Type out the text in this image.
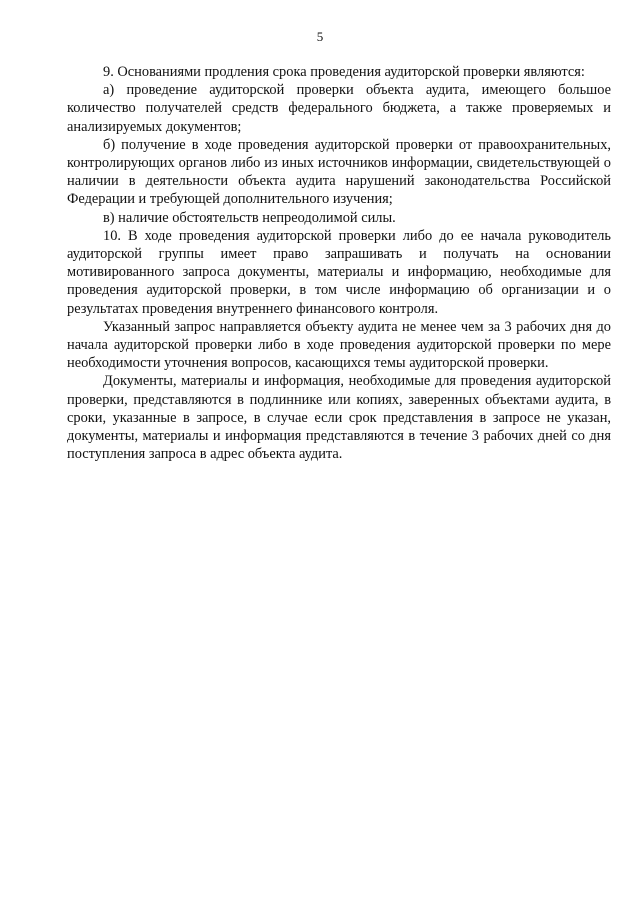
5

9. Основаниями продления срока проведения аудиторской проверки являются:

а) проведение аудиторской проверки объекта аудита, имеющего большое количество получателей средств федерального бюджета, а также проверяемых и анализируемых документов;

б) получение в ходе проведения аудиторской проверки от правоохранительных, контролирующих органов либо из иных источников информации, свидетельствующей о наличии в деятельности объекта аудита нарушений законодательства Российской Федерации и требующей дополнительного изучения;

в) наличие обстоятельств непреодолимой силы.

10. В ходе проведения аудиторской проверки либо до ее начала руководитель аудиторской группы имеет право запрашивать и получать на основании мотивированного запроса документы, материалы и информацию, необходимые для проведения аудиторской проверки, в том числе информацию об организации и о результатах проведения внутреннего финансового контроля.

Указанный запрос направляется объекту аудита не менее чем за 3 рабочих дня до начала аудиторской проверки либо в ходе проведения аудиторской проверки по мере необходимости уточнения вопросов, касающихся темы аудиторской проверки.

Документы, материалы и информация, необходимые для проведения аудиторской проверки, представляются в подлиннике или копиях, заверенных объектами аудита, в сроки, указанные в запросе, в случае если срок представления в запросе не указан, документы, материалы и информация представляются в течение 3 рабочих дней со дня поступления запроса в адрес объекта аудита.
